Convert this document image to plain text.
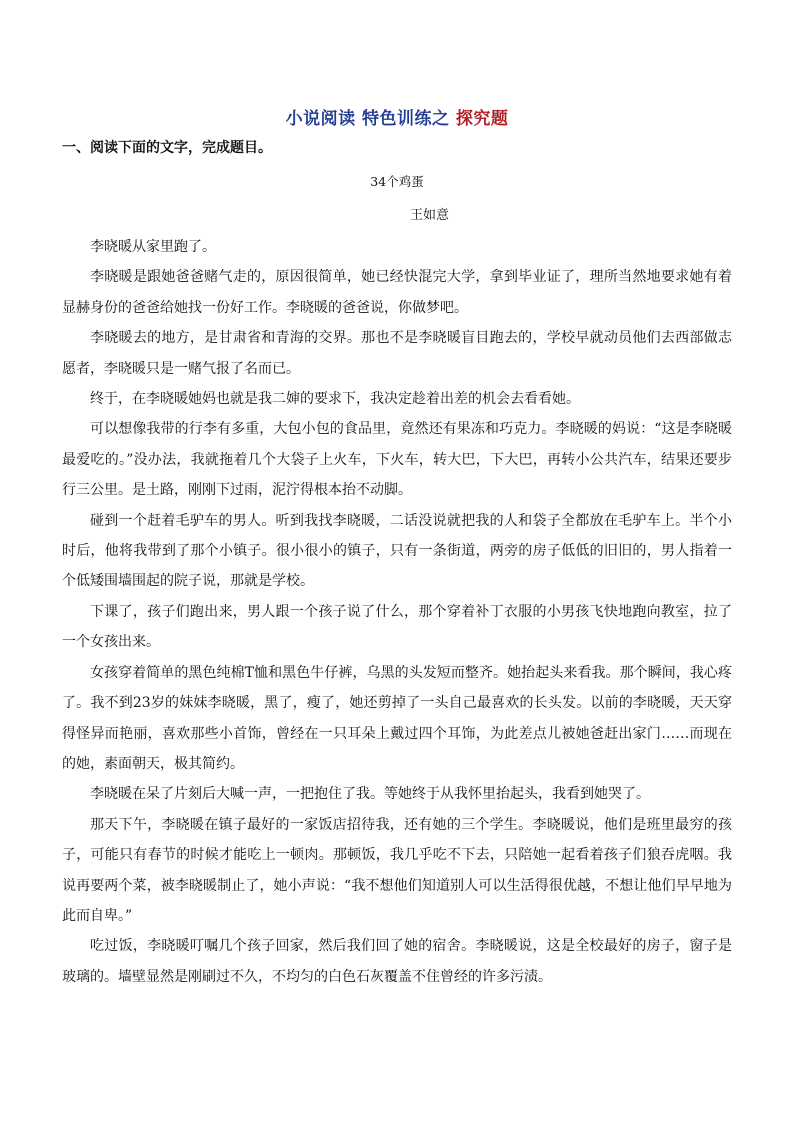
小说阅读 特色训练之 探究题

一、阅读下面的文字，完成题目。

34个鸡蛋

王如意

李晓暖从家里跑了。

李晓暖是跟她爸爸赌气走的，原因很简单，她已经快混完大学，拿到毕业证了，理所当然地要求她有着显赫身份的爸爸给她找一份好工作。李晓暖的爸爸说，你做梦吧。

李晓暖去的地方，是甘肃省和青海的交界。那也不是李晓暖盲目跑去的，学校早就动员他们去西部做志愿者，李晓暖只是一赌气报了名而已。

终于，在李晓暖她妈也就是我二婶的要求下，我决定趁着出差的机会去看看她。

可以想像我带的行李有多重，大包小包的食品里，竟然还有果冻和巧克力。李晓暖的妈说：“这是李晓暖最爱吃的。”没办法，我就拖着几个大袋子上火车，下火车，转大巴，下大巴，再转小公共汽车，结果还要步行三公里。是土路，刚刚下过雨，泥泞得根本抬不动脚。

碰到一个赶着毛驴车的男人。听到我找李晓暖，二话没说就把我的人和袋子全都放在毛驴车上。半个小时后，他将我带到了那个小镇子。很小很小的镇子，只有一条街道，两旁的房子低低的旧旧的，男人指着一个低矮围墙围起的院子说，那就是学校。

下课了，孩子们跑出来，男人跟一个孩子说了什么，那个穿着补丁衣服的小男孩飞快地跑向教室，拉了一个女孩出来。

女孩穿着简单的黑色纯棉T恤和黑色牛仔裤，乌黑的头发短而整齐。她抬起头来看我。那个瞬间，我心疼了。我不到23岁的妹妹李晓暖，黑了，瘦了，她还剪掉了一头自己最喜欢的长头发。以前的李晓暖，天天穿得怪异而艳丽，喜欢那些小首饰，曾经在一只耳朵上戴过四个耳饰，为此差点儿被她爸赶出家门……而现在的她，素面朝天，极其简约。

李晓暖在呆了片刻后大喊一声，一把抱住了我。等她终于从我怀里抬起头，我看到她哭了。

那天下午，李晓暖在镇子最好的一家饭店招待我，还有她的三个学生。李晓暖说，他们是班里最穷的孩子，可能只有春节的时候才能吃上一顿肉。那顿饭，我几乎吃不下去，只陪她一起看着孩子们狼吞虎咽。我说再要两个菜，被李晓暖制止了，她小声说：“我不想他们知道别人可以生活得很优越，不想让他们早早地为此而自卑。”

吃过饭，李晓暖叮嘱几个孩子回家，然后我们回了她的宿舍。李晓暖说，这是全校最好的房子，窗子是玻璃的。墙壁显然是刚刷过不久，不均匀的白色石灰覆盖不住曾经的许多污渍。
